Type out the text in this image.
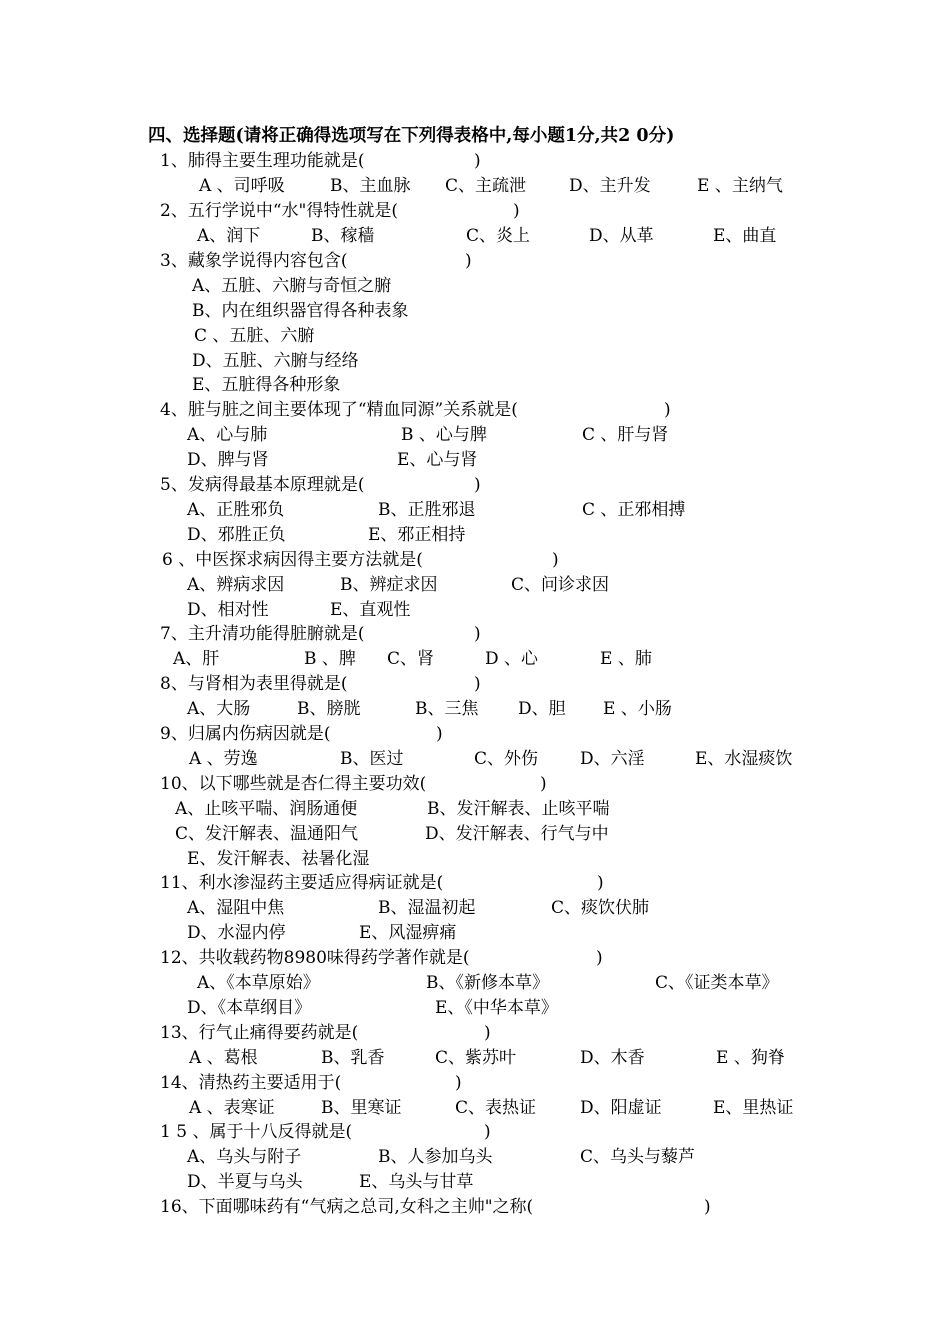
四、选择题(请将正确得选项写在下列得表格中,每小题1分,共2 0分)
1、肺得主要生理功能就是(	)
A 、司呼吸	B、主血脉 C、主疏泄	D、主升发	E 、主纳气
2、五行学说中“水"得特性就是(	)
A、润下	B、稼穑	C、炎上	D、从革	E、曲直
3、藏象学说得内容包含(	)
A、五脏、六腑与奇恒之腑
B、内在组织器官得各种表象
C 、五脏、六腑
D、五脏、六腑与经络
E、五脏得各种形象
4、脏与脏之间主要体现了“精血同源”关系就是(	)
A、心与肺	B 、心与脾	C 、肝与肾
D、脾与肾	E、心与肾
5、发病得最基本原理就是(	)
A、正胜邪负	B、正胜邪退	C 、正邪相搏
D、邪胜正负	E、邪正相持
6 、中医探求病因得主要方法就是(	)
A、辨病求因	B、辨症求因	C、问诊求因
D、相对性	E、直观性
7、主升清功能得脏腑就是(	)
A、肝	B 、脾 C、肾	D 、心	E 、肺
8、与肾相为表里得就是(	)
A、大肠	B、膀胱	B、三焦 D、胆 E 、小肠
9、归属内伤病因就是(	)
A 、劳逸	B、医过	C、外伤 D、六淫	E、水湿痰饮
10、以下哪些就是杏仁得主要功效(	)
A、止咳平喘、润肠通便	B、发汗解表、止咳平喘
C、发汗解表、温通阳气	D、发汗解表、行气与中
E、发汗解表、祛暑化湿
11、利水渗湿药主要适应得病证就是(	)
A、湿阻中焦	B、湿温初起	C、痰饮伏肺
D、水湿内停	E、风湿痹痛
12、共收载药物8980味得药学著作就是(	)
A、《本草原始》	B、《新修本草》	C、《证类本草》
D、《本草纲目》	E、《中华本草》
13、行气止痛得要药就是(	)
A 、葛根	B、乳香	C、紫苏叶	D、木香	E 、狗脊
14、清热药主要适用于(	)
A 、表寒证	B、里寒证	C、表热证	D、阳虚证	E、里热证
1 5 、属于十八反得就是(	)
A、乌头与附子	B、人参加乌头	C、乌头与藜芦
D、半夏与乌头	E、乌头与甘草
16、下面哪味药有“气病之总司,女科之主帅"之称(	)
